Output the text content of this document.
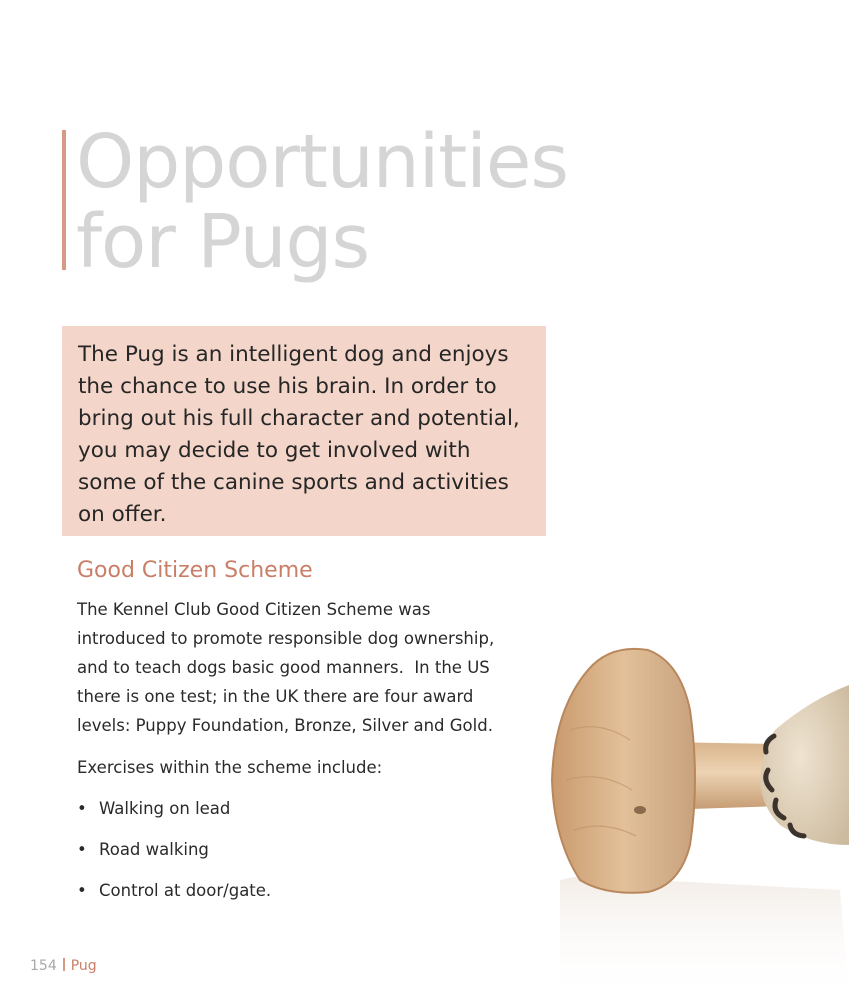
Opportunities
for Pugs
The Pug is an intelligent dog and enjoys the chance to use his brain. In order to bring out his full character and potential, you may decide to get involved with some of the canine sports and activities on offer.
Good Citizen Scheme

The Kennel Club Good Citizen Scheme was
introduced to promote responsible dog ownership,
and to teach dogs basic good manners.  In the US
there is one test; in the UK there are four award
levels: Puppy Foundation, Bronze, Silver and Gold.

Exercises within the scheme include:

• Walking on lead
• Road walking
• Control at door/gate.
154 Pug
